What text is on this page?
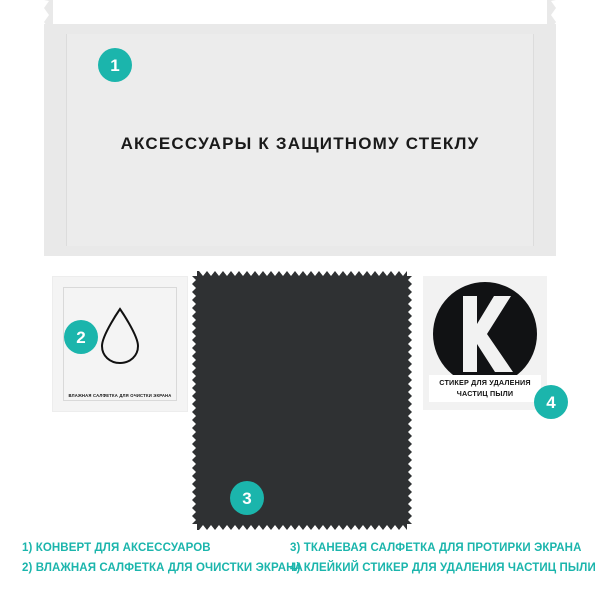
АКСЕССУАРЫ К ЗАЩИТНОМУ СТЕКЛУ
1
ВЛАЖНАЯ САЛФЕТКА ДЛЯ ОЧИСТКИ ЭКРАНА
2
3
СТИКЕР ДЛЯ УДАЛЕНИЯ
ЧАСТИЦ ПЫЛИ	4
1) КОНВЕРТ ДЛЯ АКСЕССУАРОВ	3) ТКАНЕВАЯ САЛФЕТКА ДЛЯ ПРОТИРКИ ЭКРАНА
2) ВЛАЖНАЯ САЛФЕТКА ДЛЯ ОЧИСТКИ ЭКРАНА
4) КЛЕЙКИЙ СТИКЕР ДЛЯ УДАЛЕНИЯ ЧАСТИЦ ПЫЛИ
